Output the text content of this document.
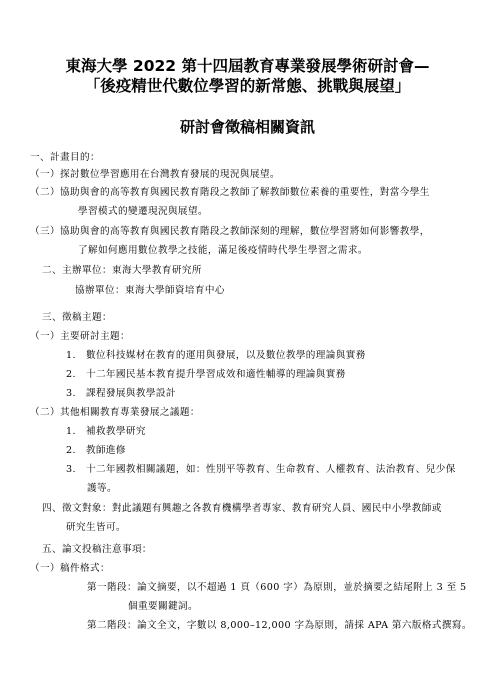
東海大學 2022 第十四屆教育專業發展學術研討會—
「後疫精世代數位學習的新常態、挑戰與展望」
研討會徵稿相關資訊
一、計畫目的：
（一）探討數位學習應用在台灣教育發展的現況與展望。
（二）協助與會的高等教育與國民教育階段之教師了解教師數位素養的重要性，對當今學生
學習模式的變遷現況與展望。
（三）協助與會的高等教育與國民教育階段之教師深刻的理解，數位學習將如何影響教學，
了解如何應用數位教學之技能，滿足後疫情時代學生學習之需求。
二、主辦單位：東海大學教育研究所
協辦單位：東海大學師資培育中心
三、徵稿主題：
（一）主要研討主題：
1.　數位科技媒材在教育的運用與發展，以及數位教學的理論與實務
2.　十二年國民基本教育提升學習成效和適性輔導的理論與實務
3.　課程發展與教學設計
（二）其他相關教育專業發展之議題：
1.　補救教學研究
2.　教師進修
3.　十二年國教相關議題，如：性別平等教育、生命教育、人權教育、法治教育、兒少保
護等。
四、徵文對象：對此議題有興趣之各教育機構學者專家、教育研究人員、國民中小學教師或
研究生皆可。
五、論文投稿注意事項：
（一）稿件格式：
第一階段：論文摘要，以不超過 1 頁（600 字）為原則，並於摘要之結尾附上 3 至 5
個重要關鍵詞。
第二階段：論文全文，字數以 8,000–12,000 字為原則，請採 APA 第六版格式撰寫。
